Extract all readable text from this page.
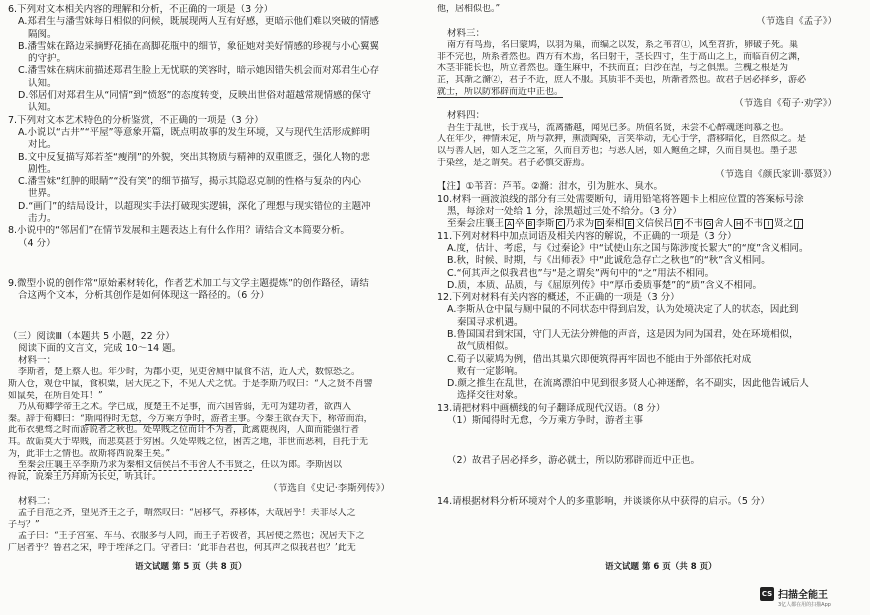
6.下列对文本相关内容的理解和分析，不正确的一项是（3 分）
A.郑君生与潘雪妹每日相似的问候，既展现两人互有好感，更暗示他们难以突破的情感
隔阂。
B.潘雪妹在路边采摘野花插在高脚花瓶中的细节，象征她对美好情感的珍视与小心翼翼
的守护。
C.潘雪妹在病床前描述郑君生脸上无忧联的笑容时，暗示她因错失机会而对郑君生心存
认知。
D.邻居们对郑君生从“同情”到“愤怒”的态度转变，反映出世俗对超越常规情感的保守
认知。
7.下列对文本艺术特色的分析鉴赏，不正确的一项是（3 分）
A.小说以“古井”“平屋”等意象开篇，既点明故事的发生环境，又与现代生活形成鲜明
对比。
B.文中反复描写郑若荃“瘦削”的外貌，突出其物质与精神的双重匮乏，强化人物的悲
剧性。
C.潘雪妹“红肿的眼睛”“没有笑”的细节描写，揭示其隐忍克制的性格与复杂的内心
世界。
D.“画门”的结局设计，以超现实手法打破现实逻辑，深化了理想与现实错位的主题冲
击力。
8.小说中的“邻居们”在情节发展和主题表达上有什么作用？请结合文本简要分析。
（4 分）
9.微型小说的创作常“原始素材转化，作者艺术加工与文学主题提炼”的创作路径，请结
合这两个文本，分析其创作是如何体现这一路径的。（6 分）
（三）阅读Ⅲ（本题共 5 小题，22 分）
阅读下面的文言文，完成 10～14 题。
材料一：
李斯者，楚上蔡人也。年少时，为郡小吏，见吏舍厕中鼠食不洁，近人犬，数惊恐之。
斯入仓，观仓中鼠，食积粟，居大庑之下，不见人犬之忧。于是李斯乃叹曰：“人之贤不肖譬
如鼠矣，在所自处耳！”
乃从荀卿学帝王之术。学已成，度楚王不足事，而六国皆弱，无可为建功者，欲西入
秦。辞于荀卿曰：“斯闻得时无怠，今万乘方争时，游者主事。今秦王欲吞天下，称帝而治，
此布衣驰骛之时而游说者之秋也。处卑贱之位而计不为者，此禽鹿视肉，人面而能强行者
耳。故诟莫大于卑贱，而悲莫甚于穷困。久处卑贱之位，困苦之地，非世而恶利，自托于无
为，此非士之情也。故斯将西说秦王矣。”
至秦会庄襄王卒李斯乃求为秦相文信侯吕不韦舍人不韦贤之，任以为郎。李斯因以
得说，说秦王乃拜斯为长史，听其计。
（节选自《史记·李斯列传》）
材料二：
孟子自范之齐，望见齐王之子，喟然叹曰：“居移气，养移体，大哉居乎！夫非尽人之
子与？”
孟子曰：“王子宫室、车马、衣服多与人同，而王子若彼者，其居使之然也；况居天下之
广居者乎？鲁君之宋，呼于垤泽之门。守者曰：‘此非吾君也，何其声之似我君也？’此无
他，居相似也。”
（节选自《孟子》）
材料三：
南方有鸟焉，名曰蒙鸠，以羽为巢，而编之以发，系之苇苕①，风至苕折，卵破子死。巢
非不完也，所系者然也。西方有木焉，名曰射干，茎长四寸，生于高山之上，而临百仞之渊，
木茎非能长也，所立者然也。蓬生麻中，不扶而直；白沙在涅，与之俱黑。兰槐之根是为
芷，其渐之滫②，君子不近，庶人不服。其质非不美也，所渐者然也。故君子居必择乡，游必
就士，所以防邪辟而近中正也。
（节选自《荀子·劝学》）
材料四：
吾生于乱世，长于戎马，流离播越，闻见已多。所值名贤，未尝不心醉魂迷向慕之也。
人在年少，神情未定，所与款狎，熏渍陶染，言笑举动，无心于学，潜移暗化，自然似之。是
以与善人居，如入芝兰之室，久而自芳也；与恶人居，如入鲍鱼之肆，久而自臭也。墨子悲
于染丝，是之谓矣。君子必慎交游焉。
（节选自《颜氏家训·慕贤》）
【注】①苇苕：芦苇。②滫：泔水，引为脏水、臭水。
10.材料一画波浪线的部分有三处需要断句，请用铅笔将答题卡上相应位置的答案标号涂
黑，每涂对一处给 1 分，涂黑超过三处不给分。（3 分）
至秦会庄襄王 A 卒 B 李斯 C 乃求为 D 秦相 E 文信侯吕 F 不韦 G 舍人 H 不韦 I 贤之 J
11.下列对材料中加点词语及相关内容的解说，不正确的一项是（3 分）
A.度，估计、考虑，与《过秦论》中“试使山东之国与陈涉度长絜大”的“度”含义相同。
B.秋，时候、时期，与《出师表》中“此诚危急存亡之秋也”的“秋”含义相同。
C.“何其声之似我君也”与“是之谓矣”两句中的“之”用法不相同。
D.质，本质、品质，与《屈原列传》中“厚币委质事楚”的“质”含义不相同。
12.下列对材料有关内容的概述，不正确的一项是（3 分）
A.李斯从仓中鼠与厕中鼠的不同状态中得到启发，认为处境决定了人的状态，因此到
秦国寻求机遇。
B.鲁国国君到宋国，守门人无法分辨他的声音，这是因为同为国君，处在环境相似，
故气质相似。
C.荀子以蒙鸠为例，借出其巢穴即便筑得再牢固也不能由于外部依托对成
败有一定影响。
D.颜之推生在乱世，在流离漂泊中见到很多贤人心神迷醉，名不副实，因此他告诫后人
选择交往对象。
13.请把材料中画横线的句子翻译成现代汉语。（8 分）
（1）斯闻得时无怠，今万乘方争时，游者主事
（2）故君子居必择乡，游必就士，所以防邪辟而近中正也。
14.请根据材料分析环境对个人的多重影响，并谈谈你从中获得的启示。（5 分）
语文试题 第 5 页（共 8 页）	语文试题 第 6 页（共 8 页）
CS 扫描全能王
3亿人都在用的扫描App
